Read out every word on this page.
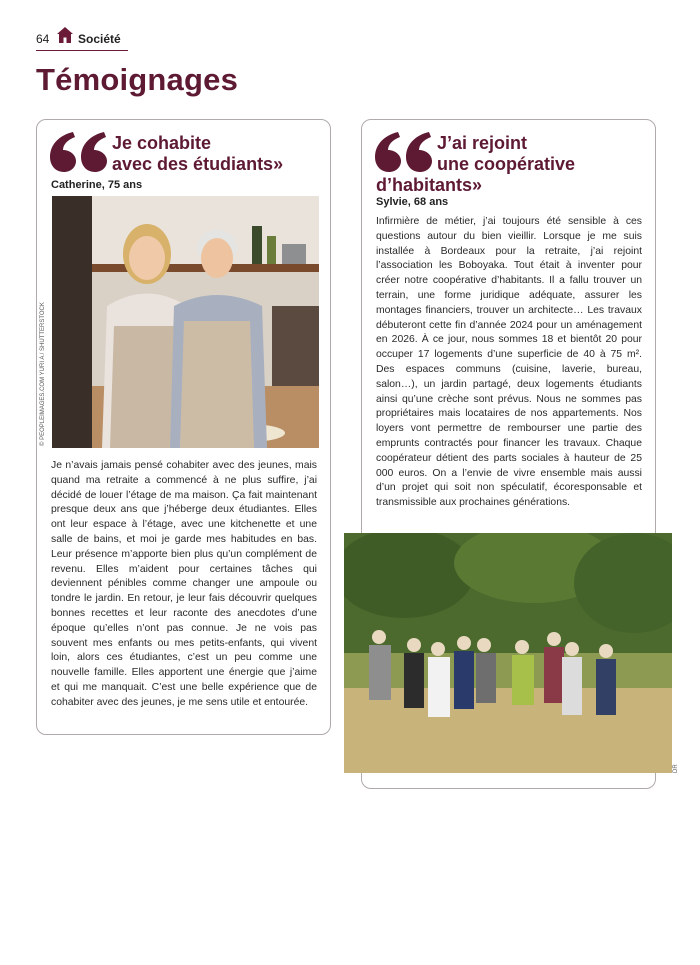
64 Société
Témoignages
Je cohabite
avec des étudiants»
Catherine, 75 ans
© PEOPLEIMAGES.COM YURI A / SHUTTERSTOCK
Je n’avais jamais pensé cohabiter avec des jeunes, mais quand ma retraite a commencé à ne plus suffire, j’ai décidé de louer l’étage de ma maison. Ça fait maintenant presque deux ans que j’héberge deux étudiantes. Elles ont leur espace à l’étage, avec une kitchenette et une salle de bains, et moi je garde mes habitudes en bas. Leur présence m’apporte bien plus qu’un complément de revenu. Elles m’aident pour certaines tâches qui deviennent pénibles comme changer une ampoule ou tondre le jardin. En retour, je leur fais découvrir quelques bonnes recettes et leur raconte des anecdotes d’une époque qu’elles n’ont pas connue. Je ne vois pas souvent mes enfants ou mes petits-enfants, qui vivent loin, alors ces étudiantes, c’est un peu comme une nouvelle famille. Elles apportent une énergie que j’aime et qui me manquait. C’est une belle expérience que de cohabiter avec des jeunes, je me sens utile et entourée.
J’ai rejoint
une coopérative
d’habitants»
Sylvie, 68 ans
Infirmière de métier, j’ai toujours été sensible à ces questions autour du bien vieillir. Lorsque je me suis installée à Bordeaux pour la retraite, j’ai rejoint l’association les Boboyaka. Tout était à inventer pour créer notre coopérative d’habitants. Il a fallu trouver un terrain, une forme juridique adéquate, assurer les montages financiers, trouver un architecte… Les travaux débuteront cette fin d’année 2024 pour un aménagement en 2026. À ce jour, nous sommes 18 et bientôt 20 pour occuper 17 logements d’une superficie de 40 à 75 m². Des espaces communs (cuisine, laverie, bureau, salon…), un jardin partagé, deux logements étudiants ainsi qu’une crèche sont prévus. Nous ne sommes pas propriétaires mais locataires de nos appartements. Nos loyers vont permettre de rembourser une partie des emprunts contractés pour financer les travaux. Chaque coopérateur détient des parts sociales à hauteur de 25 000 euros. On a l’envie de vivre ensemble mais aussi d’un projet qui soit non spéculatif, écoresponsable et transmissible aux prochaines générations.
DR
